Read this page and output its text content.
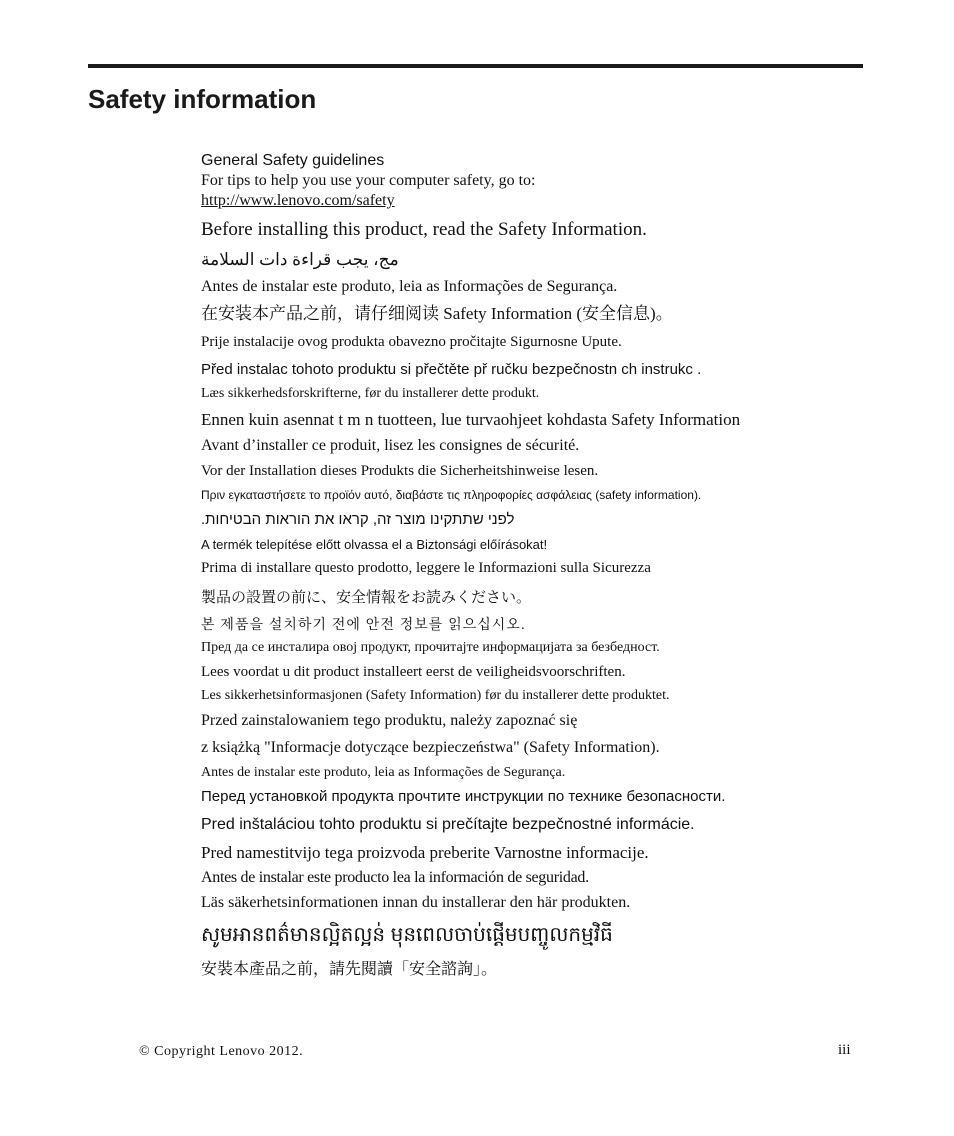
Safety information
General Safety guidelines
For tips to help you use your computer safety, go to:
http://www.lenovo.com/safety
Before installing this product, read the Safety Information.
مج، يجب قراءة دات السلامة
Antes de instalar este produto, leia as Informações de Segurança.
在安装本产品之前，请仔细阅读 Safety Information (安全信息)。
Prije instalacije ovog produkta obavezno pročitajte Sigurnosne Upute.
Před instalac tohoto produktu si přečtěte př ručku bezpečnostn ch instrukc .
Læs sikkerhedsforskrifterne, før du installerer dette produkt.
Ennen kuin asennat t m n tuotteen, lue turvaohjeet kohdasta Safety Information
Avant d’installer ce produit, lisez les consignes de sécurité.
Vor der Installation dieses Produkts die Sicherheitshinweise lesen.
Πριν εγκαταστήσετε το προϊόν αυτό, διαβάστε τις πληροφορίες ασφάλειας (safety information).
לפני שתתקינו מוצר זה, קראו את הוראות הבטיחות.
A termék telepítése előtt olvassa el a Biztonsági előírásokat!
Prima di installare questo prodotto, leggere le Informazioni sulla Sicurezza
製品の設置の前に、安全情報をお読みください。
본 제품을 설치하기 전에 안전 정보를 읽으십시오.
Пред да се инсталира овој продукт, прочитајте информацијата за безбедност.
Lees voordat u dit product installeert eerst de veiligheidsvoorschriften.
Les sikkerhetsinformasjonen (Safety Information) før du installerer dette produktet.
Przed zainstalowaniem tego produktu, należy zapoznać się
z książką "Informacje dotyczące bezpieczeństwa" (Safety Information).
Antes de instalar este produto, leia as Informações de Segurança.
Перед установкой продукта прочтите инструкции по технике безопасности.
Pred inštaláciou tohto produktu si prečítajte bezpečnostné informácie.
Pred namestitvijo tega proizvoda preberite Varnostne informacije.
Antes de instalar este producto lea la información de seguridad.
Läs säkerhetsinformationen innan du installerar den här produkten.
សូមអានពត៌មានល្អិតល្អន់ មុនពេលចាប់ផ្តើមបញ្ចូលកម្មវិធី
安裝本產品之前，請先閱讀「安全諮詢」。
© Copyright Lenovo 2012.	iii
